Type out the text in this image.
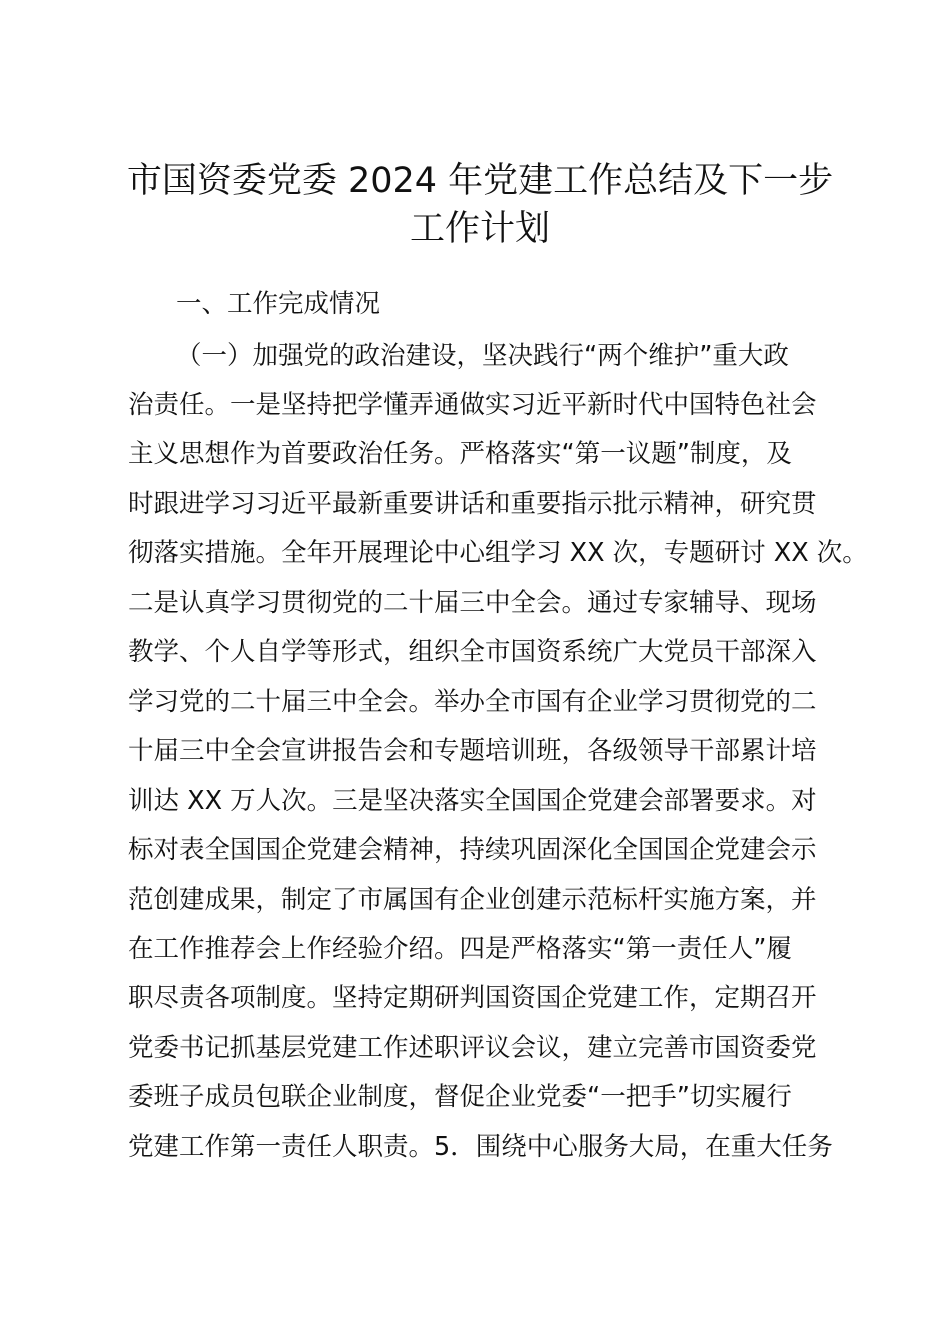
市国资委党委 2024 年党建工作总结及下一步
工作计划
一、工作完成情况
（一）加强党的政治建设，坚决践行“两个维护”重大政
治责任。一是坚持把学懂弄通做实习近平新时代中国特色社会
主义思想作为首要政治任务。严格落实“第一议题”制度，及
时跟进学习习近平最新重要讲话和重要指示批示精神，研究贯
彻落实措施。全年开展理论中心组学习 XX 次，专题研讨 XX 次。
二是认真学习贯彻党的二十届三中全会。通过专家辅导、现场
教学、个人自学等形式，组织全市国资系统广大党员干部深入
学习党的二十届三中全会。举办全市国有企业学习贯彻党的二
十届三中全会宣讲报告会和专题培训班，各级领导干部累计培
训达 XX 万人次。三是坚决落实全国国企党建会部署要求。对
标对表全国国企党建会精神，持续巩固深化全国国企党建会示
范创建成果，制定了市属国有企业创建示范标杆实施方案，并
在工作推荐会上作经验介绍。四是严格落实“第一责任人”履
职尽责各项制度。坚持定期研判国资国企党建工作，定期召开
党委书记抓基层党建工作述职评议会议，建立完善市国资委党
委班子成员包联企业制度，督促企业党委“一把手”切实履行
党建工作第一责任人职责。5．围绕中心服务大局，在重大任务
